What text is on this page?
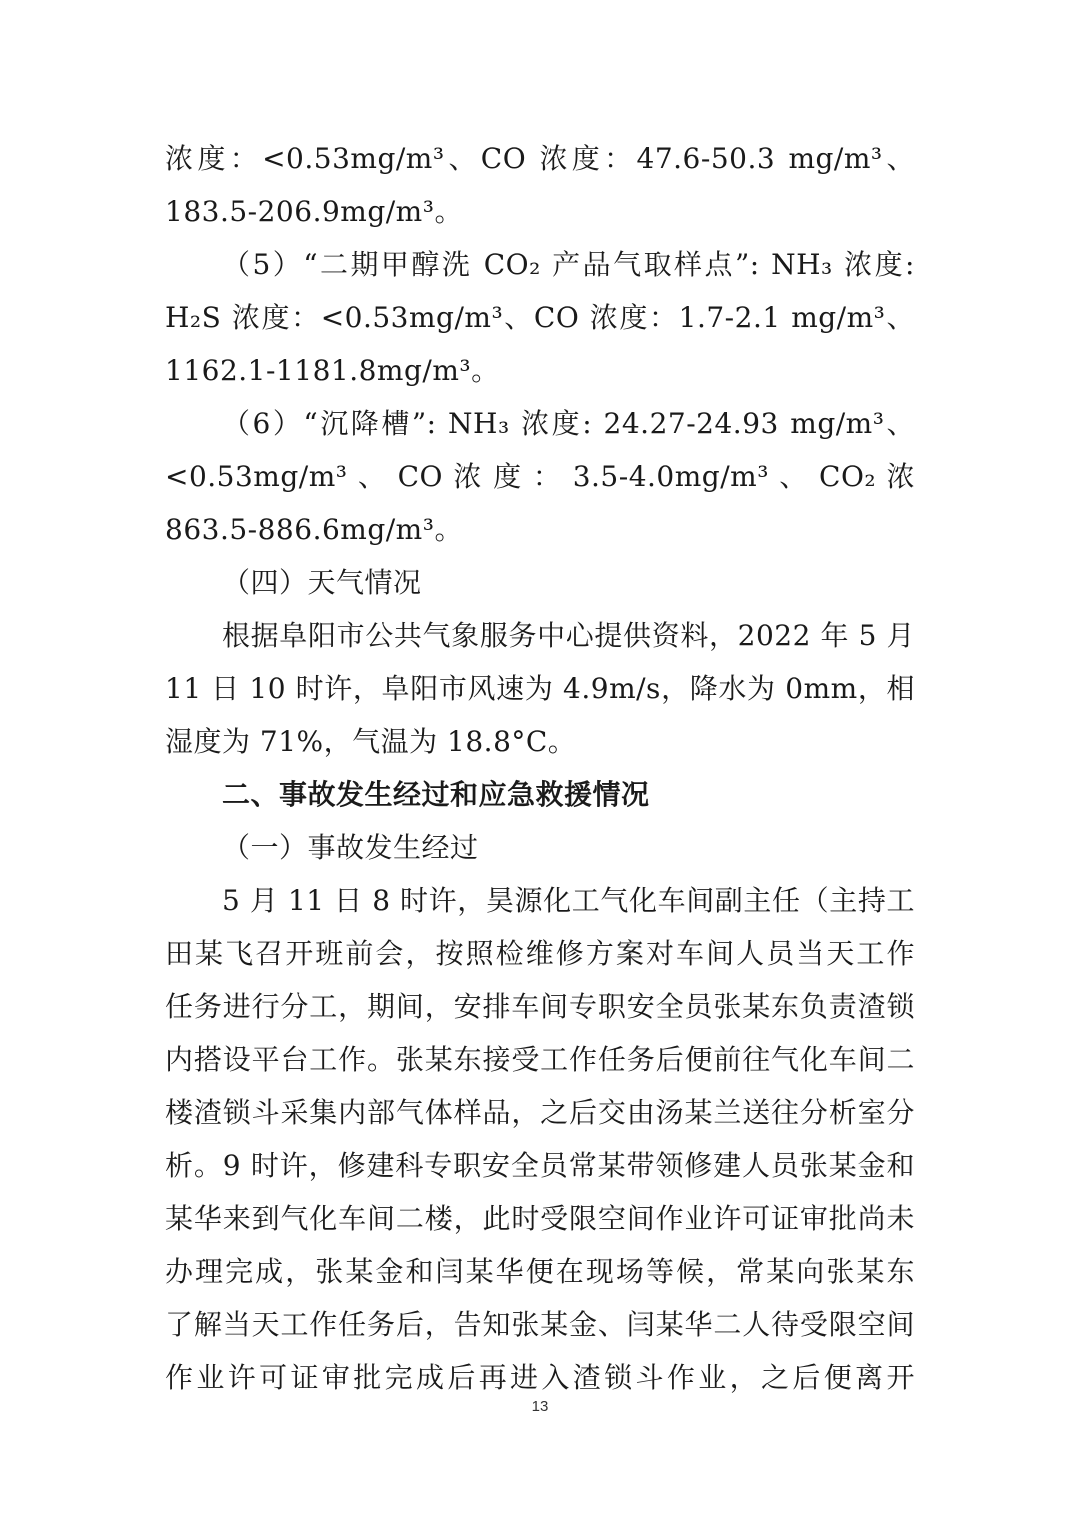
浓度：<0.53mg/m³、CO 浓度：47.6-50.3 mg/m³、
183.5-206.9mg/m³。
（5）“二期甲醇洗 CO₂ 产品气取样点”: NH₃ 浓度:
H₂S 浓度：<0.53mg/m³、CO 浓度：1.7-2.1 mg/m³、
1162.1-1181.8mg/m³。
（6）“沉降槽”: NH₃ 浓度: 24.27-24.93 mg/m³、
<0.53mg/m³ 、 CO 浓 度 ： 3.5-4.0mg/m³ 、 CO₂ 浓
863.5-886.6mg/m³。
（四）天气情况
根据阜阳市公共气象服务中心提供资料，2022 年 5 月
11 日 10 时许，阜阳市风速为 4.9m/s，降水为 0mm，相
湿度为 71%，气温为 18.8°C。
二、事故发生经过和应急救援情况
（一）事故发生经过
5 月 11 日 8 时许，昊源化工气化车间副主任（主持工
田某飞召开班前会，按照检维修方案对车间人员当天工作
任务进行分工，期间，安排车间专职安全员张某东负责渣锁
内搭设平台工作。张某东接受工作任务后便前往气化车间二
楼渣锁斗采集内部气体样品，之后交由汤某兰送往分析室分
析。9 时许，修建科专职安全员常某带领修建人员张某金和
某华来到气化车间二楼，此时受限空间作业许可证审批尚未
办理完成，张某金和闫某华便在现场等候，常某向张某东
了解当天工作任务后，告知张某金、闫某华二人待受限空间
作业许可证审批完成后再进入渣锁斗作业，之后便离开
13
